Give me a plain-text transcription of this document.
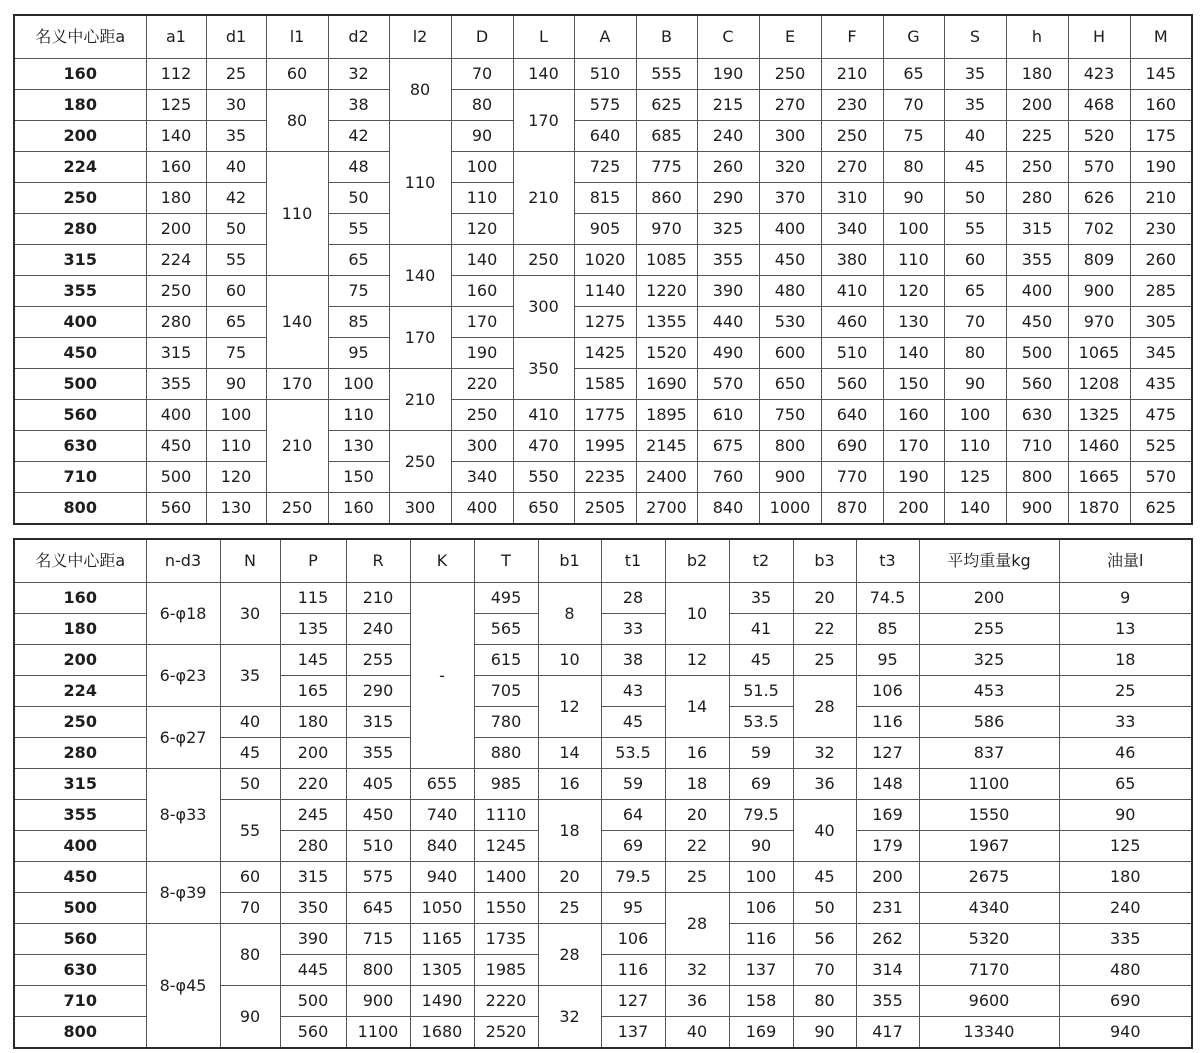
名义中心距a	a1	d1	l1	d2	l2	D	L	A	B	C	E	F	G	S	h	H	M
160	112	25	60	32	80	70	140	510	555	190	250	210	65	35	180	423	145
180	125	30	80	38		80	170	575	625	215	270	230	70	35	200	468	160
200	140	35		42	110	90		640	685	240	300	250	75	40	225	520	175
224	160	40	110	48		100	210	725	775	260	320	270	80	45	250	570	190
250	180	42		50		110		815	860	290	370	310	90	50	280	626	210
280	200	50		55		120		905	970	325	400	340	100	55	315	702	230
315	224	55		65	140	140	250	1020	1085	355	450	380	110	60	355	809	260
355	250	60	140	75		160	300	1140	1220	390	480	410	120	65	400	900	285
400	280	65		85	170	170		1275	1355	440	530	460	130	70	450	970	305
450	315	75		95		190	350	1425	1520	490	600	510	140	80	500	1065	345
500	355	90	170	100	210	220		1585	1690	570	650	560	150	90	560	1208	435
560	400	100	210	110		250	410	1775	1895	610	750	640	160	100	630	1325	475
630	450	110		130	250	300	470	1995	2145	675	800	690	170	110	710	1460	525
710	500	120		150		340	550	2235	2400	760	900	770	190	125	800	1665	570
800	560	130	250	160	300	400	650	2505	2700	840	1000	870	200	140	900	1870	625
名义中心距a	n-d3	N	P	R	K	T	b1	t1	b2	t2	b3	t3	平均重量kg	油量l
160	6-φ18	30	115	210	-	495	8	28	10	35	20	74.5	200	9
180			135	240		565		33		41	22	85	255	13
200	6-φ23	35	145	255		615	10	38	12	45	25	95	325	18
224			165	290		705	12	43	14	51.5	28	106	453	25
250	6-φ27	40	180	315		780		45		53.5		116	586	33
280		45	200	355		880	14	53.5	16	59	32	127	837	46
315	8-φ33	50	220	405	655	985	16	59	18	69	36	148	1100	65
355		55	245	450	740	1110	18	64	20	79.5	40	169	1550	90
400			280	510	840	1245		69	22	90		179	1967	125
450	8-φ39	60	315	575	940	1400	20	79.5	25	100	45	200	2675	180
500		70	350	645	1050	1550	25	95	28	106	50	231	4340	240
560	8-φ45	80	390	715	1165	1735	28	106		116	56	262	5320	335
630			445	800	1305	1985		116	32	137	70	314	7170	480
710		90	500	900	1490	2220	32	127	36	158	80	355	9600	690
800			560	1100	1680	2520		137	40	169	90	417	13340	940
